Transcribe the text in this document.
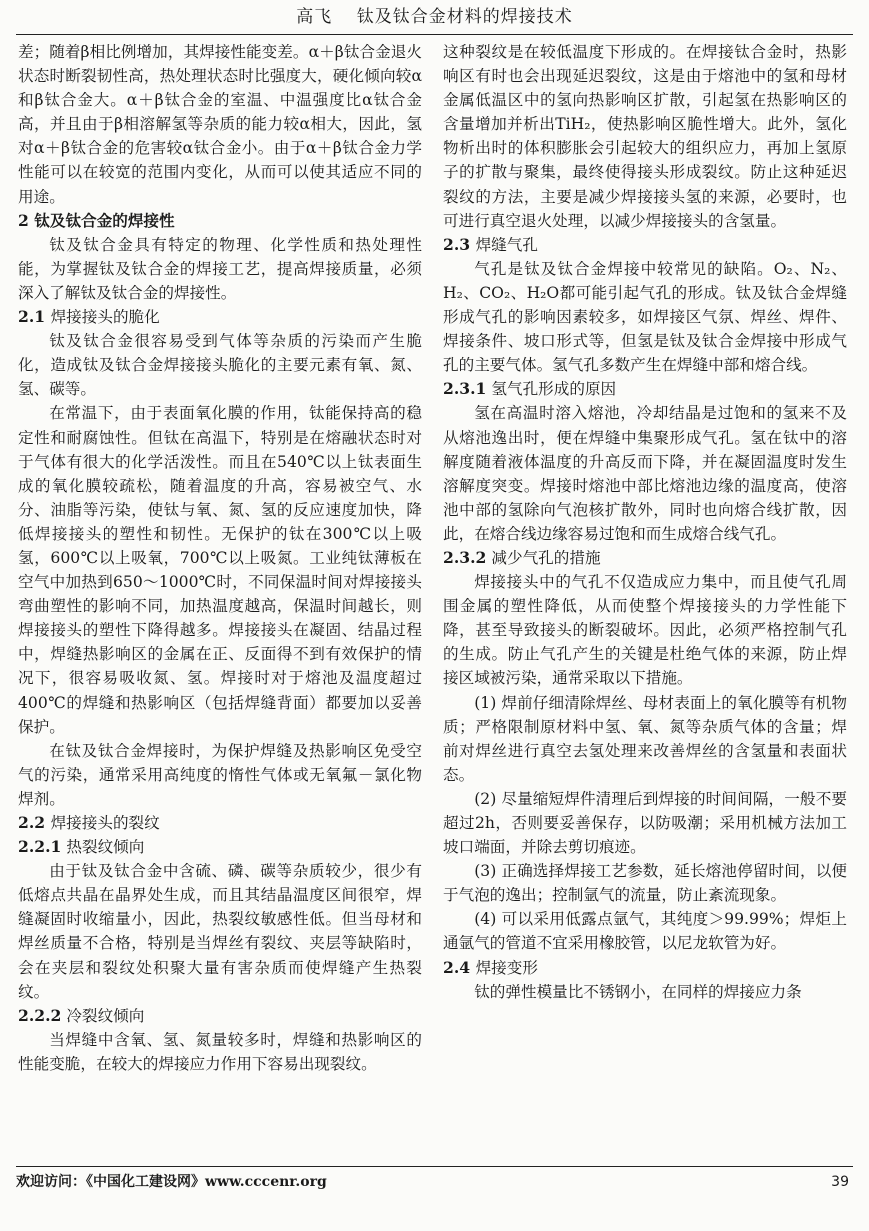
高飞 钛及钛合金材料的焊接技术

差；随着β相比例增加，其焊接性能变差。α＋β钛合金退火状态时断裂韧性高，热处理状态时比强度大，硬化倾向较α和β钛合金大。α＋β钛合金的室温、中温强度比α钛合金高，并且由于β相溶解氢等杂质的能力较α相大，因此，氢对α＋β钛合金的危害较α钛合金小。由于α＋β钛合金力学性能可以在较宽的范围内变化，从而可以使其适应不同的用途。

2 钛及钛合金的焊接性

钛及钛合金具有特定的物理、化学性质和热处理性能，为掌握钛及钛合金的焊接工艺，提高焊接质量，必须深入了解钛及钛合金的焊接性。

2.1 焊接接头的脆化

钛及钛合金很容易受到气体等杂质的污染而产生脆化，造成钛及钛合金焊接接头脆化的主要元素有氧、氮、氢、碳等。

在常温下，由于表面氧化膜的作用，钛能保持高的稳定性和耐腐蚀性。但钛在高温下，特别是在熔融状态时对于气体有很大的化学活泼性。而且在540℃以上钛表面生成的氧化膜较疏松，随着温度的升高，容易被空气、水分、油脂等污染，使钛与氧、氮、氢的反应速度加快，降低焊接接头的塑性和韧性。无保护的钛在300℃以上吸氢，600℃以上吸氧，700℃以上吸氮。工业纯钛薄板在空气中加热到650～1000℃时，不同保温时间对焊接接头弯曲塑性的影响不同，加热温度越高，保温时间越长，则焊接接头的塑性下降得越多。焊接接头在凝固、结晶过程中，焊缝热影响区的金属在正、反面得不到有效保护的情况下，很容易吸收氮、氢。焊接时对于熔池及温度超过400℃的焊缝和热影响区（包括焊缝背面）都要加以妥善保护。

在钛及钛合金焊接时，为保护焊缝及热影响区免受空气的污染，通常采用高纯度的惰性气体或无氧氟－氯化物焊剂。

2.2 焊接接头的裂纹
2.2.1 热裂纹倾向

由于钛及钛合金中含硫、磷、碳等杂质较少，很少有低熔点共晶在晶界处生成，而且其结晶温度区间很窄，焊缝凝固时收缩量小，因此，热裂纹敏感性低。但当母材和焊丝质量不合格，特别是当焊丝有裂纹、夹层等缺陷时，会在夹层和裂纹处积聚大量有害杂质而使焊缝产生热裂纹。

2.2.2 冷裂纹倾向

当焊缝中含氧、氢、氮量较多时，焊缝和热影响区的性能变脆，在较大的焊接应力作用下容易出现裂纹。

这种裂纹是在较低温度下形成的。在焊接钛合金时，热影响区有时也会出现延迟裂纹，这是由于熔池中的氢和母材金属低温区中的氢向热影响区扩散，引起氢在热影响区的含量增加并析出TiH₂，使热影响区脆性增大。此外，氢化物析出时的体积膨胀会引起较大的组织应力，再加上氢原子的扩散与聚集，最终使得接头形成裂纹。防止这种延迟裂纹的方法，主要是减少焊接接头氢的来源，必要时，也可进行真空退火处理，以减少焊接接头的含氢量。

2.3 焊缝气孔

气孔是钛及钛合金焊接中较常见的缺陷。O₂、N₂、H₂、CO₂、H₂O都可能引起气孔的形成。钛及钛合金焊缝形成气孔的影响因素较多，如焊接区气氛、焊丝、焊件、焊接条件、坡口形式等，但氢是钛及钛合金焊接中形成气孔的主要气体。氢气孔多数产生在焊缝中部和熔合线。

2.3.1 氢气孔形成的原因

氢在高温时溶入熔池，冷却结晶是过饱和的氢来不及从熔池逸出时，便在焊缝中集聚形成气孔。氢在钛中的溶解度随着液体温度的升高反而下降，并在凝固温度时发生溶解度突变。焊接时熔池中部比熔池边缘的温度高，使溶池中部的氢除向气泡核扩散外，同时也向熔合线扩散，因此，在熔合线边缘容易过饱和而生成熔合线气孔。

2.3.2 减少气孔的措施

焊接接头中的气孔不仅造成应力集中，而且使气孔周围金属的塑性降低，从而使整个焊接接头的力学性能下降，甚至导致接头的断裂破坏。因此，必须严格控制气孔的生成。防止气孔产生的关键是杜绝气体的来源，防止焊接区域被污染，通常采取以下措施。

(1) 焊前仔细清除焊丝、母材表面上的氧化膜等有机物质；严格限制原材料中氢、氧、氮等杂质气体的含量；焊前对焊丝进行真空去氢处理来改善焊丝的含氢量和表面状态。

(2) 尽量缩短焊件清理后到焊接的时间间隔，一般不要超过2h，否则要妥善保存，以防吸潮；采用机械方法加工坡口端面，并除去剪切痕迹。

(3) 正确选择焊接工艺参数，延长熔池停留时间，以便于气泡的逸出；控制氩气的流量，防止紊流现象。

(4) 可以采用低露点氩气，其纯度＞99.99%；焊炬上通氩气的管道不宜采用橡胶管，以尼龙软管为好。

2.4 焊接变形

钛的弹性模量比不锈钢小，在同样的焊接应力条

欢迎访问：《中国化工建设网》www.cccenr.org	39
